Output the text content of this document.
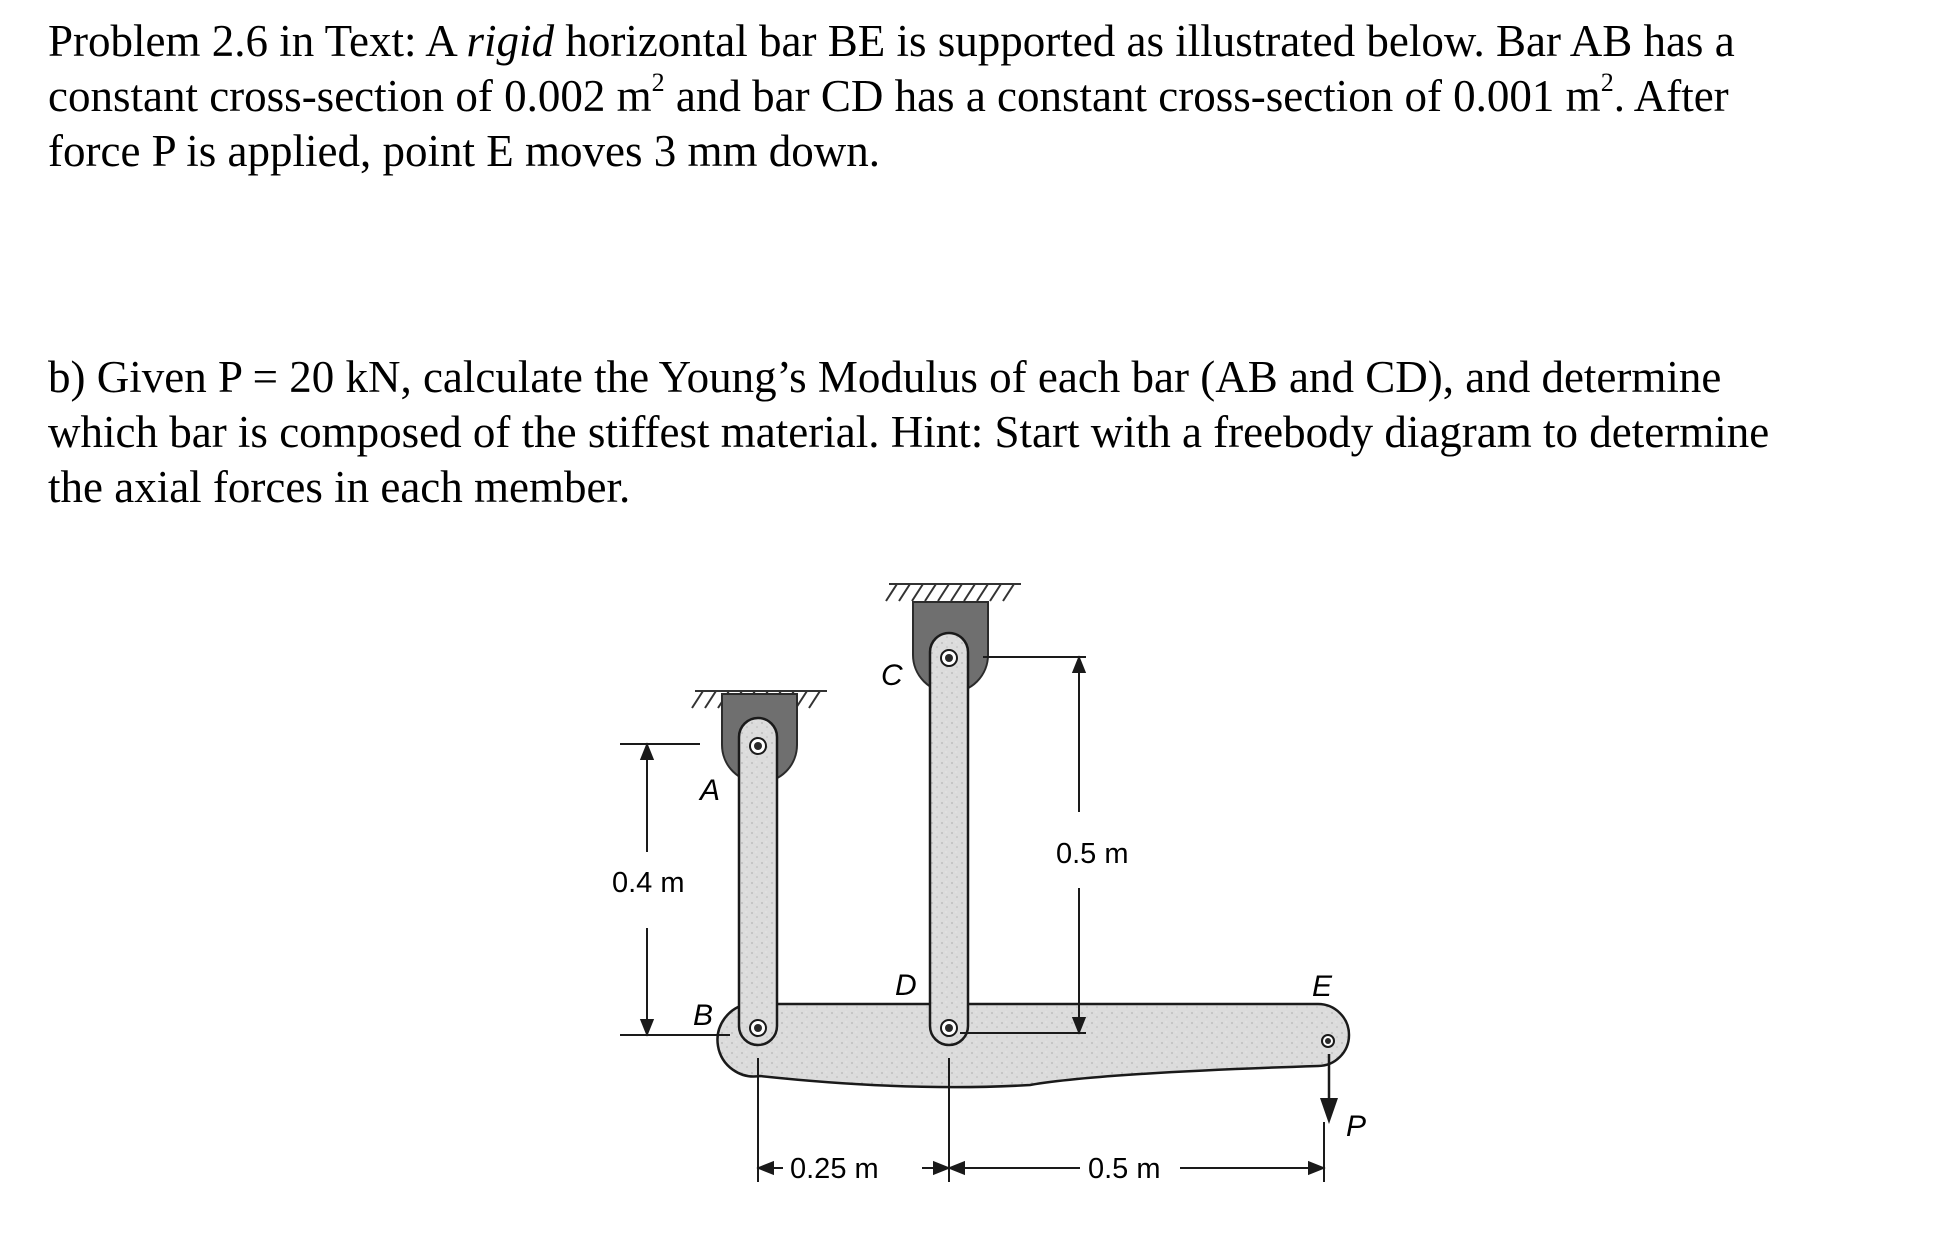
Problem 2.6 in Text: A rigid horizontal bar BE is supported as illustrated below. Bar AB has a
constant cross-section of 0.002 $m^2$ and bar CD has a constant cross-section of 0.001 $m^2$. After
force P is applied, point E moves 3 mm down.
b) Given P = 20 kN, calculate the Young’s Modulus of each bar (AB and CD), and determine
which bar is composed of the stiffest material. Hint: Start with a freebody diagram to determine
the axial forces in each member.
C
A
D
B
E
P
0.4 m
0.5 m
0.25 m	0.5 m
